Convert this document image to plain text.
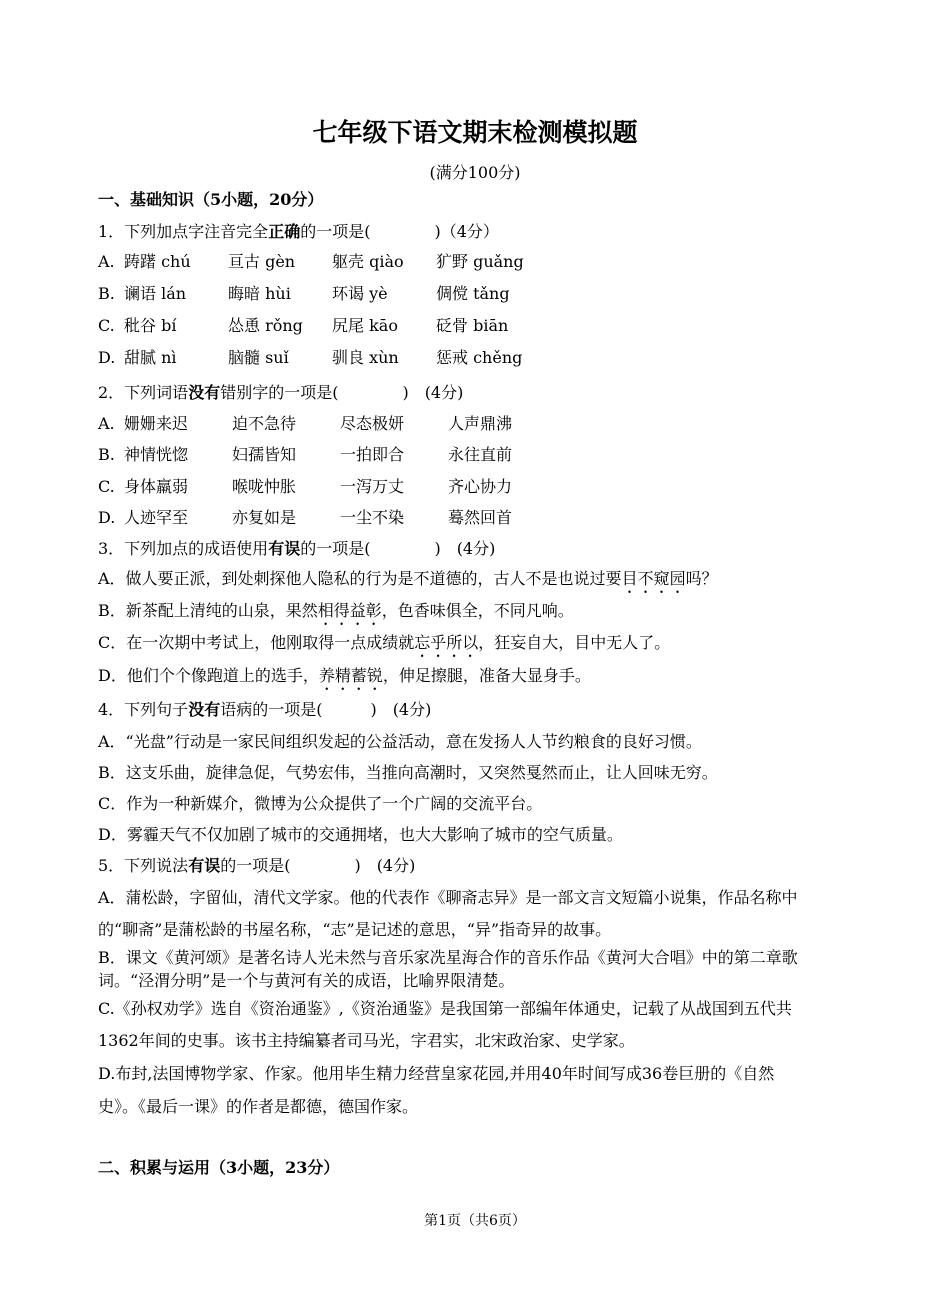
七年级下语文期末检测模拟题
(满分100分)
一、基础知识（5小题，20分）
1．下列加点字注音完全正确的一项是(　　　　)（4分）
A. 踌躇 chú 亘古 gèn 躯壳 qiào 犷野 guǎng
B. 谰语 lán	晦暗 hùi	环谒 yè	倜傥 tǎng
C. 秕谷 bí	怂恿 rǒng 尻尾 kāo 砭骨 biān
D. 甜腻 nì	脑髓 suǐ	驯良 xùn 惩戒 chěng
2．下列词语没有错别字的一项是(　　　　)　(4分)
A. 姗姗来迟	迫不急待	尽态极妍	人声鼎沸
B. 神情恍惚	妇孺皆知	一拍即合	永往直前
C. 身体羸弱	喉咙忡胀	一泻万丈	齐心协力
D. 人迹罕至	亦复如是	一尘不染	蓦然回首
3．下列加点的成语使用有误的一项是(　　　　)　(4分)
A．做人要正派，到处刺探他人隐私的行为是不道德的，古人不是也说过要目不窥园吗？
B．新茶配上清纯的山泉，果然相得益彰，色香味俱全，不同凡响。
C．在一次期中考试上，他刚取得一点成绩就忘乎所以，狂妄自大，目中无人了。
D．他们个个像跑道上的选手，养精蓄锐，伸足擦腿，准备大显身手。
4．下列句子没有语病的一项是(　　　)　(4分)
A．“光盘”行动是一家民间组织发起的公益活动，意在发扬人人节约粮食的良好习惯。
B．这支乐曲，旋律急促，气势宏伟，当推向高潮时，又突然戛然而止，让人回味无穷。
C．作为一种新媒介，微博为公众提供了一个广阔的交流平台。
D．雾霾天气不仅加剧了城市的交通拥堵，也大大影响了城市的空气质量。
5．下列说法有误的一项是(　　　　)　(4分)
A．蒲松龄，字留仙，清代文学家。他的代表作《聊斋志异》是一部文言文短篇小说集，作品名称中
的“聊斋”是蒲松龄的书屋名称，“志”是记述的意思，“异”指奇异的故事。
B．课文《黄河颂》是著名诗人光未然与音乐家冼星海合作的音乐作品《黄河大合唱》中的第二章歌
词。“泾渭分明”是一个与黄河有关的成语，比喻界限清楚。
C.《孙权劝学》选自《资治通鉴》,《资治通鉴》是我国第一部编年体通史，记载了从战国到五代共
1362年间的史事。该书主持编纂者司马光，字君实，北宋政治家、史学家。
D.布封,法国博物学家、作家。他用毕生精力经营皇家花园,并用40年时间写成36卷巨册的《自然
史》。《最后一课》的作者是都德，德国作家。
二、积累与运用（3小题，23分）
第1页（共6页）
